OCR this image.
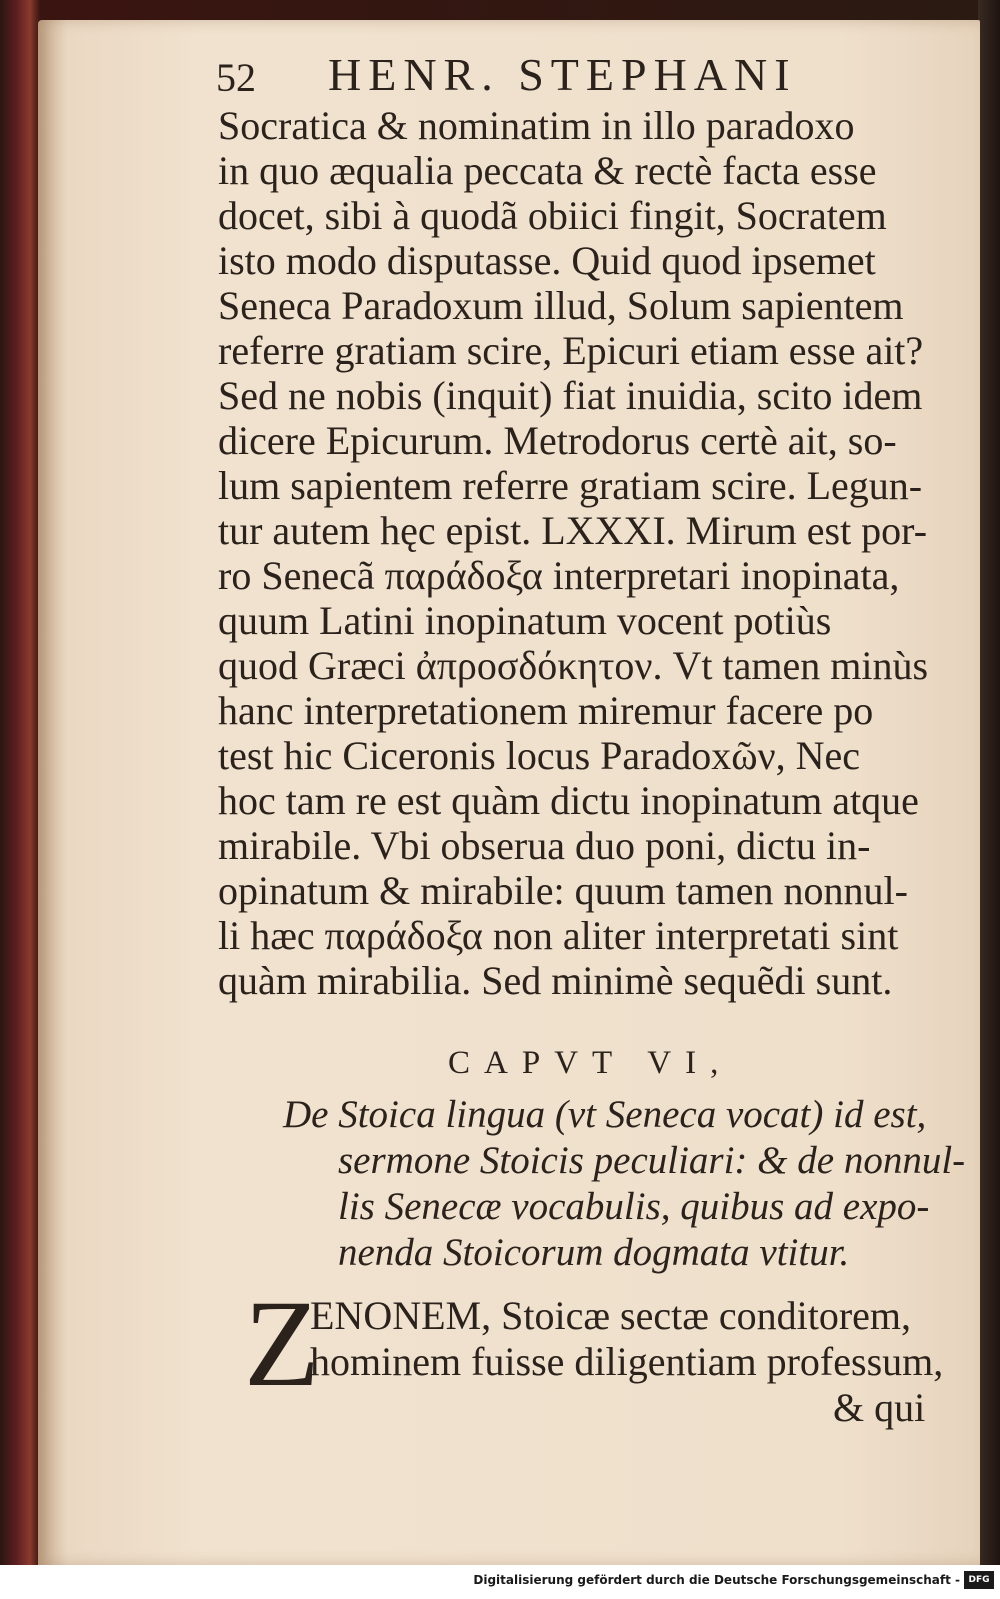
52 HENR. STEPHANI
Socratica & nominatim in illo paradoxo
in quo æqualia peccata & rectè facta esse
docet, sibi à quodã obiici fingit, Socratem
isto modo disputasse. Quid quod ipsemet
Seneca Paradoxum illud, Solum sapientem
referre gratiam scire, Epicuri etiam esse ait?
Sed ne nobis (inquit) fiat inuidia, scito idem
dicere Epicurum. Metrodorus certè ait, so-
lum sapientem referre gratiam scire. Legun-
tur autem hęc epist. LXXXI. Mirum est por-
ro Senecã παράδοξα interpretari inopinata,
quum Latini inopinatum vocent potiùs
quod Græci ἀπροσδόκητον. Vt tamen minùs
hanc interpretationem miremur facere po
test hic Ciceronis locus Paradoxῶν, Nec
hoc tam re est quàm dictu inopinatum atque
mirabile. Vbi obserua duo poni, dictu in-
opinatum & mirabile: quum tamen nonnul-
li hæc παράδοξα non aliter interpretati sint
quàm mirabilia. Sed minimè sequẽdi sunt.
CAPVT VI,
De Stoica lingua (vt Seneca vocat) id est,
sermone Stoicis peculiari: & de nonnul-
lis Senecæ vocabulis, quibus ad expo-
nenda Stoicorum dogmata vtitur.
Z
ENONEM, Stoicæ sectæ conditorem,
hominem fuisse diligentiam professum,
& qui
Digitalisierung gefördert durch die Deutsche Forschungsgemeinschaft - DFG
